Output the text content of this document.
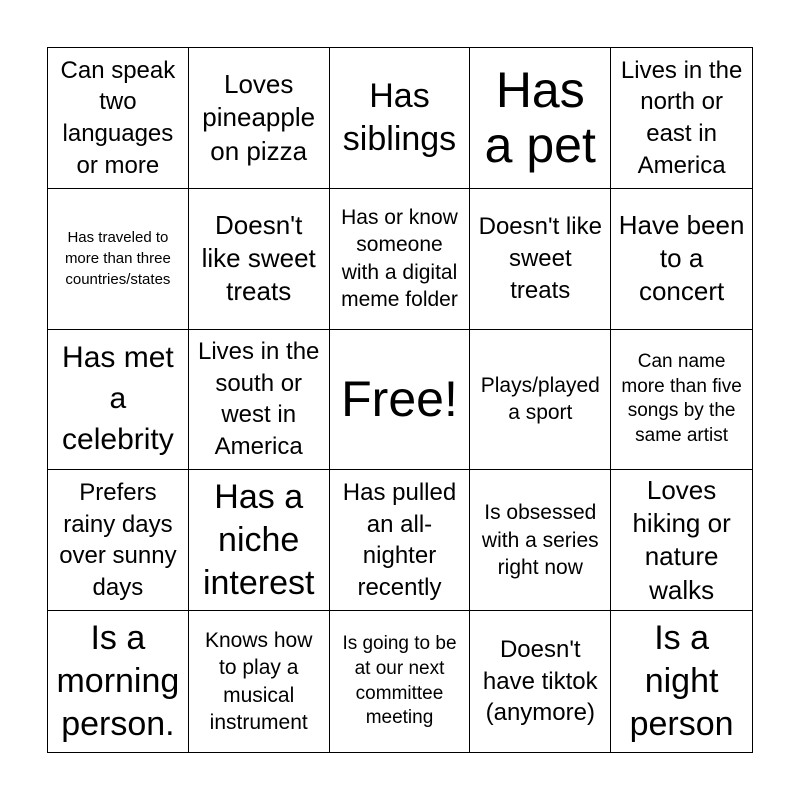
Can speak two languages or more
Loves pineapple on pizza
Has siblings
Has a pet
Lives in the north or east in America
Has traveled to more than three countries/states
Doesn't like sweet treats
Has or know someone with a digital meme folder
Doesn't like sweet treats
Have been to a concert
Has met a celebrity
Lives in the south or west in America
Free!	Plays/played a sport
Can name more than five songs by the same artist
Prefers rainy days over sunny days
Has a niche interest
Has pulled an all-nighter recently
Is obsessed with a series right now
Loves hiking or nature walks
Is a morning person.
Knows how to play a musical instrument
Is going to be at our next committee meeting
Doesn't have tiktok (anymore)
Is a night person
